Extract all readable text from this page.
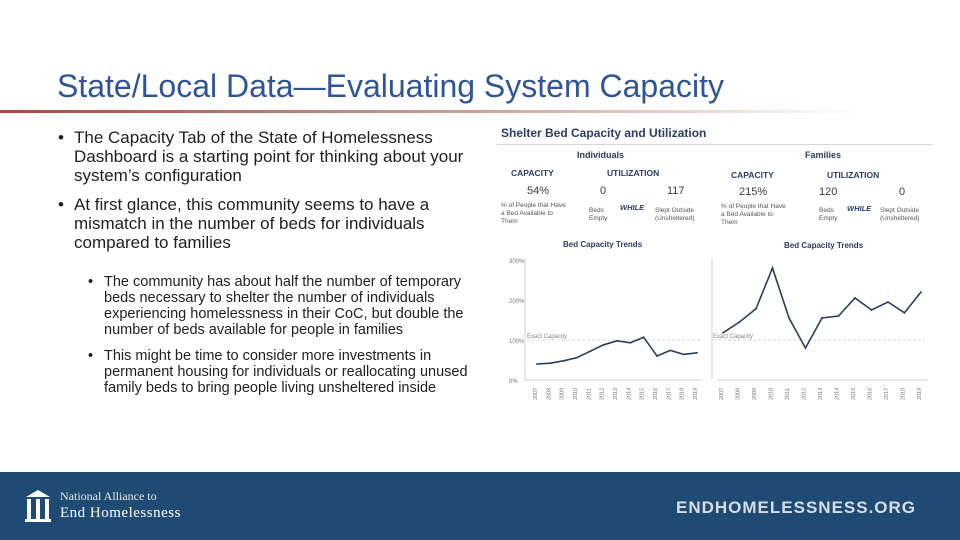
State/Local Data—Evaluating System Capacity
• The Capacity Tab of the State of Homelessness Dashboard is a starting point for thinking about your system’s configuration
• At first glance, this community seems to have a mismatch in the number of beds for individuals compared to families
• The community has about half the number of temporary beds necessary to shelter the number of individuals experiencing homelessness in their CoC, but double the number of beds available for people in families
• This might be time to consider more investments in permanent housing for individuals or reallocating unused family beds to bring people living unsheltered inside
Shelter Bed Capacity and Utilization
Individuals
CAPACITY	UTILIZATION
54%	0	117
% of People that Have a Bed Available to Them
Beds Empty
WHILE Slept Outside (Unsheltered)
Bed Capacity Trends
Families
CAPACITY	UTILIZATION
215%	120	0
% of People that Have a Bed Available to Them
Beds Empty
WHILE Slept Outside (Unsheltered)
Bed Capacity Trends
300%
200%
100%
0%
Exact Capacity	Exact Capacity
2007 2008 2009 2010 2011 2012 2013 2014 2015 2016 2017 2018 2019	2007 2008 2009 2010 2011 2012 2013 2014 2015 2016 2017 2018 2019
National Alliance to
End Homelessness	ENDHOMELESSNESS.ORG
